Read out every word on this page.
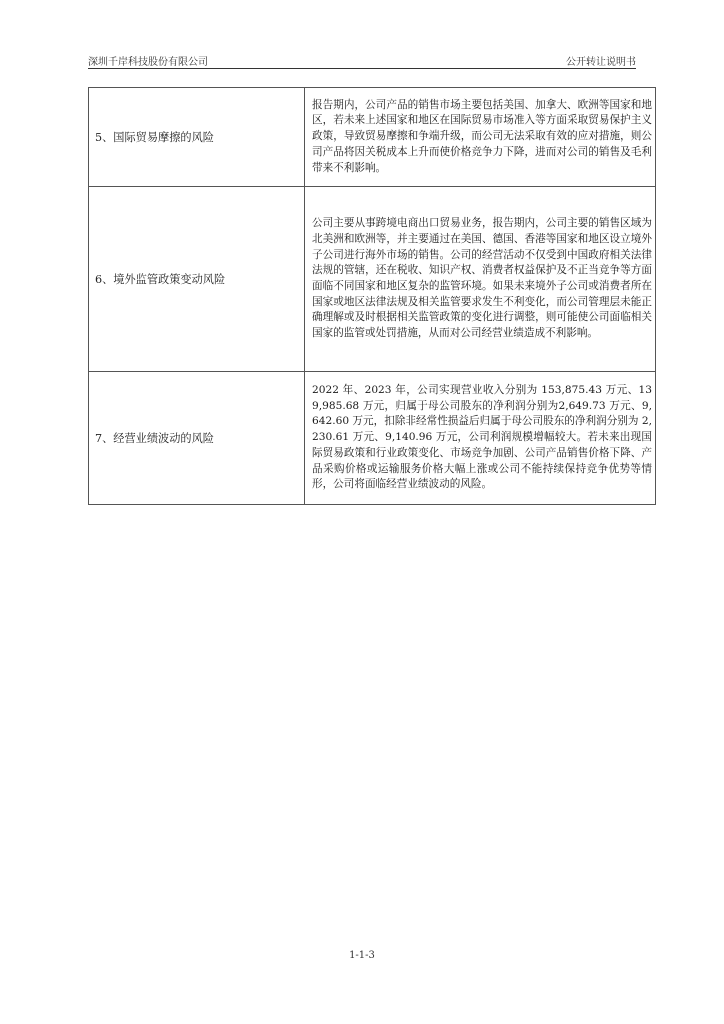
深圳千岸科技股份有限公司	公开转让说明书
5、国际贸易摩擦的风险	报告期内，公司产品的销售市场主要包括美国、加拿大、欧洲等国家和地区，若未来上述国家和地区在国际贸易市场准入等方面采取贸易保护主义政策，导致贸易摩擦和争端升级，而公司无法采取有效的应对措施，则公司产品将因关税成本上升而使价格竞争力下降，进而对公司的销售及毛利带来不利影响。
6、境外监管政策变动风险	公司主要从事跨境电商出口贸易业务，报告期内，公司主要的销售区域为北美洲和欧洲等，并主要通过在美国、德国、香港等国家和地区设立境外子公司进行海外市场的销售。公司的经营活动不仅受到中国政府相关法律法规的管辖，还在税收、知识产权、消费者权益保护及不正当竞争等方面面临不同国家和地区复杂的监管环境。如果未来境外子公司或消费者所在国家或地区法律法规及相关监管要求发生不利变化，而公司管理层未能正确理解或及时根据相关监管政策的变化进行调整，则可能使公司面临相关国家的监管或处罚措施，从而对公司经营业绩造成不利影响。
7、经营业绩波动的风险	2022 年、2023 年，公司实现营业收入分别为 153,875.43 万元、139,985.68 万元，归属于母公司股东的净利润分别为2,649.73 万元、9,642.60 万元，扣除非经常性损益后归属于母公司股东的净利润分别为 2,230.61 万元、9,140.96 万元，公司利润规模增幅较大。若未来出现国际贸易政策和行业政策变化、市场竞争加剧、公司产品销售价格下降、产品采购价格或运输服务价格大幅上涨或公司不能持续保持竞争优势等情形，公司将面临经营业绩波动的风险。
1-1-3
